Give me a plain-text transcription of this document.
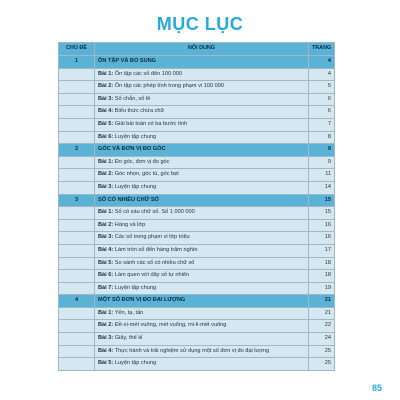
MỤC LỤC
CHỦ ĐỀ	NỘI DUNG	TRANG
1	ÔN TẬP VÀ BỔ SUNG	4
	Bài 1: Ôn tập các số đến 100 000	4
	Bài 2: Ôn tập các phép tính trong phạm vi 100 000	5
	Bài 3: Số chẵn, số lẻ	6
	Bài 4: Biểu thức chứa chữ	6
	Bài 5: Giải bài toán có ba bước tính	7
	Bài 6: Luyện tập chung	8
2	GÓC VÀ ĐƠN VỊ ĐO GÓC	9
	Bài 1: Đo góc, đơn vị đo góc	9
	Bài 2: Góc nhọn, góc tù, góc bẹt	11
	Bài 3: Luyện tập chung	14
3	SỐ CÓ NHIỀU CHỮ SỐ	15
	Bài 1: Số có sáu chữ số. Số 1 000 000	15
	Bài 2: Hàng và lớp	16
	Bài 3: Các số trong phạm vi lớp triệu	16
	Bài 4: Làm tròn số đến hàng trăm nghìn	17
	Bài 5: So sánh các số có nhiều chữ số	18
	Bài 6: Làm quen với dãy số tự nhiên	18
	Bài 7: Luyện tập chung	19
4	MỘT SỐ ĐƠN VỊ ĐO ĐẠI LƯỢNG	21
	Bài 1: Yến, tạ, tấn	21
	Bài 2: Đề-xi-mét vuông, mét vuông, mi-li-mét vuông	22
	Bài 3: Giây, thế kỉ	24
	Bài 4: Thực hành và trải nghiệm sử dụng một số đơn vị đo đại lượng	25
	Bài 5: Luyện tập chung	25
85
